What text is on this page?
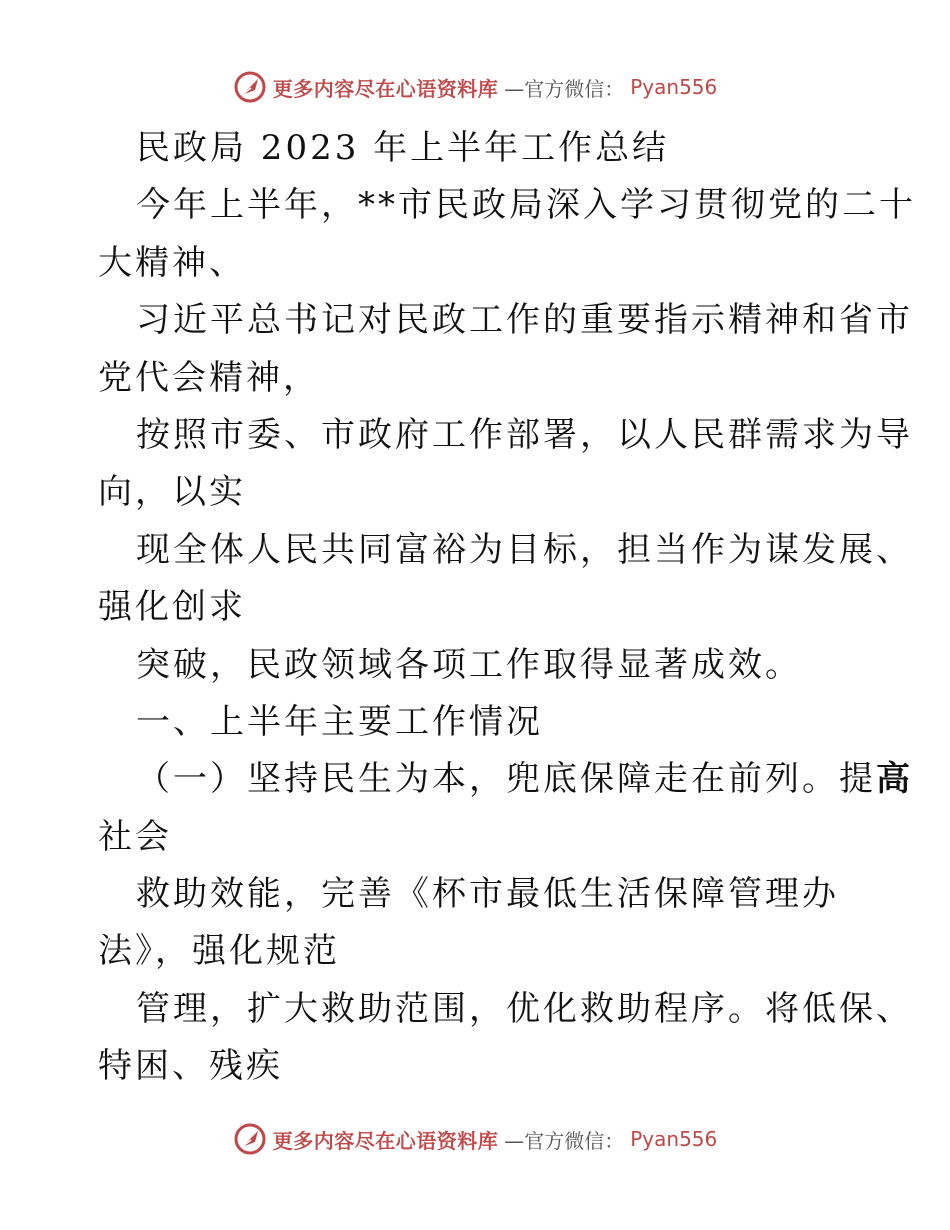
更多内容尽在心语资料库 —官方微信： Pyan556
民政局 2023 年上半年工作总结
今年上半年，**市民政局深入学习贯彻党的二十
大精神、
习近平总书记对民政工作的重要指示精神和省市
党代会精神，
按照市委、市政府工作部署，以人民群需求为导
向，以实
现全体人民共同富裕为目标，担当作为谋发展、
强化创求
突破，民政领域各项工作取得显著成效。
一、上半年主要工作情况
（一）坚持民生为本，兜底保障走在前列。提高
社会
救助效能，完善《杯市最低生活保障管理办
法》，强化规范
管理，扩大救助范围，优化救助程序。将低保、
特困、残疾
更多内容尽在心语资料库 —官方微信： Pyan556
